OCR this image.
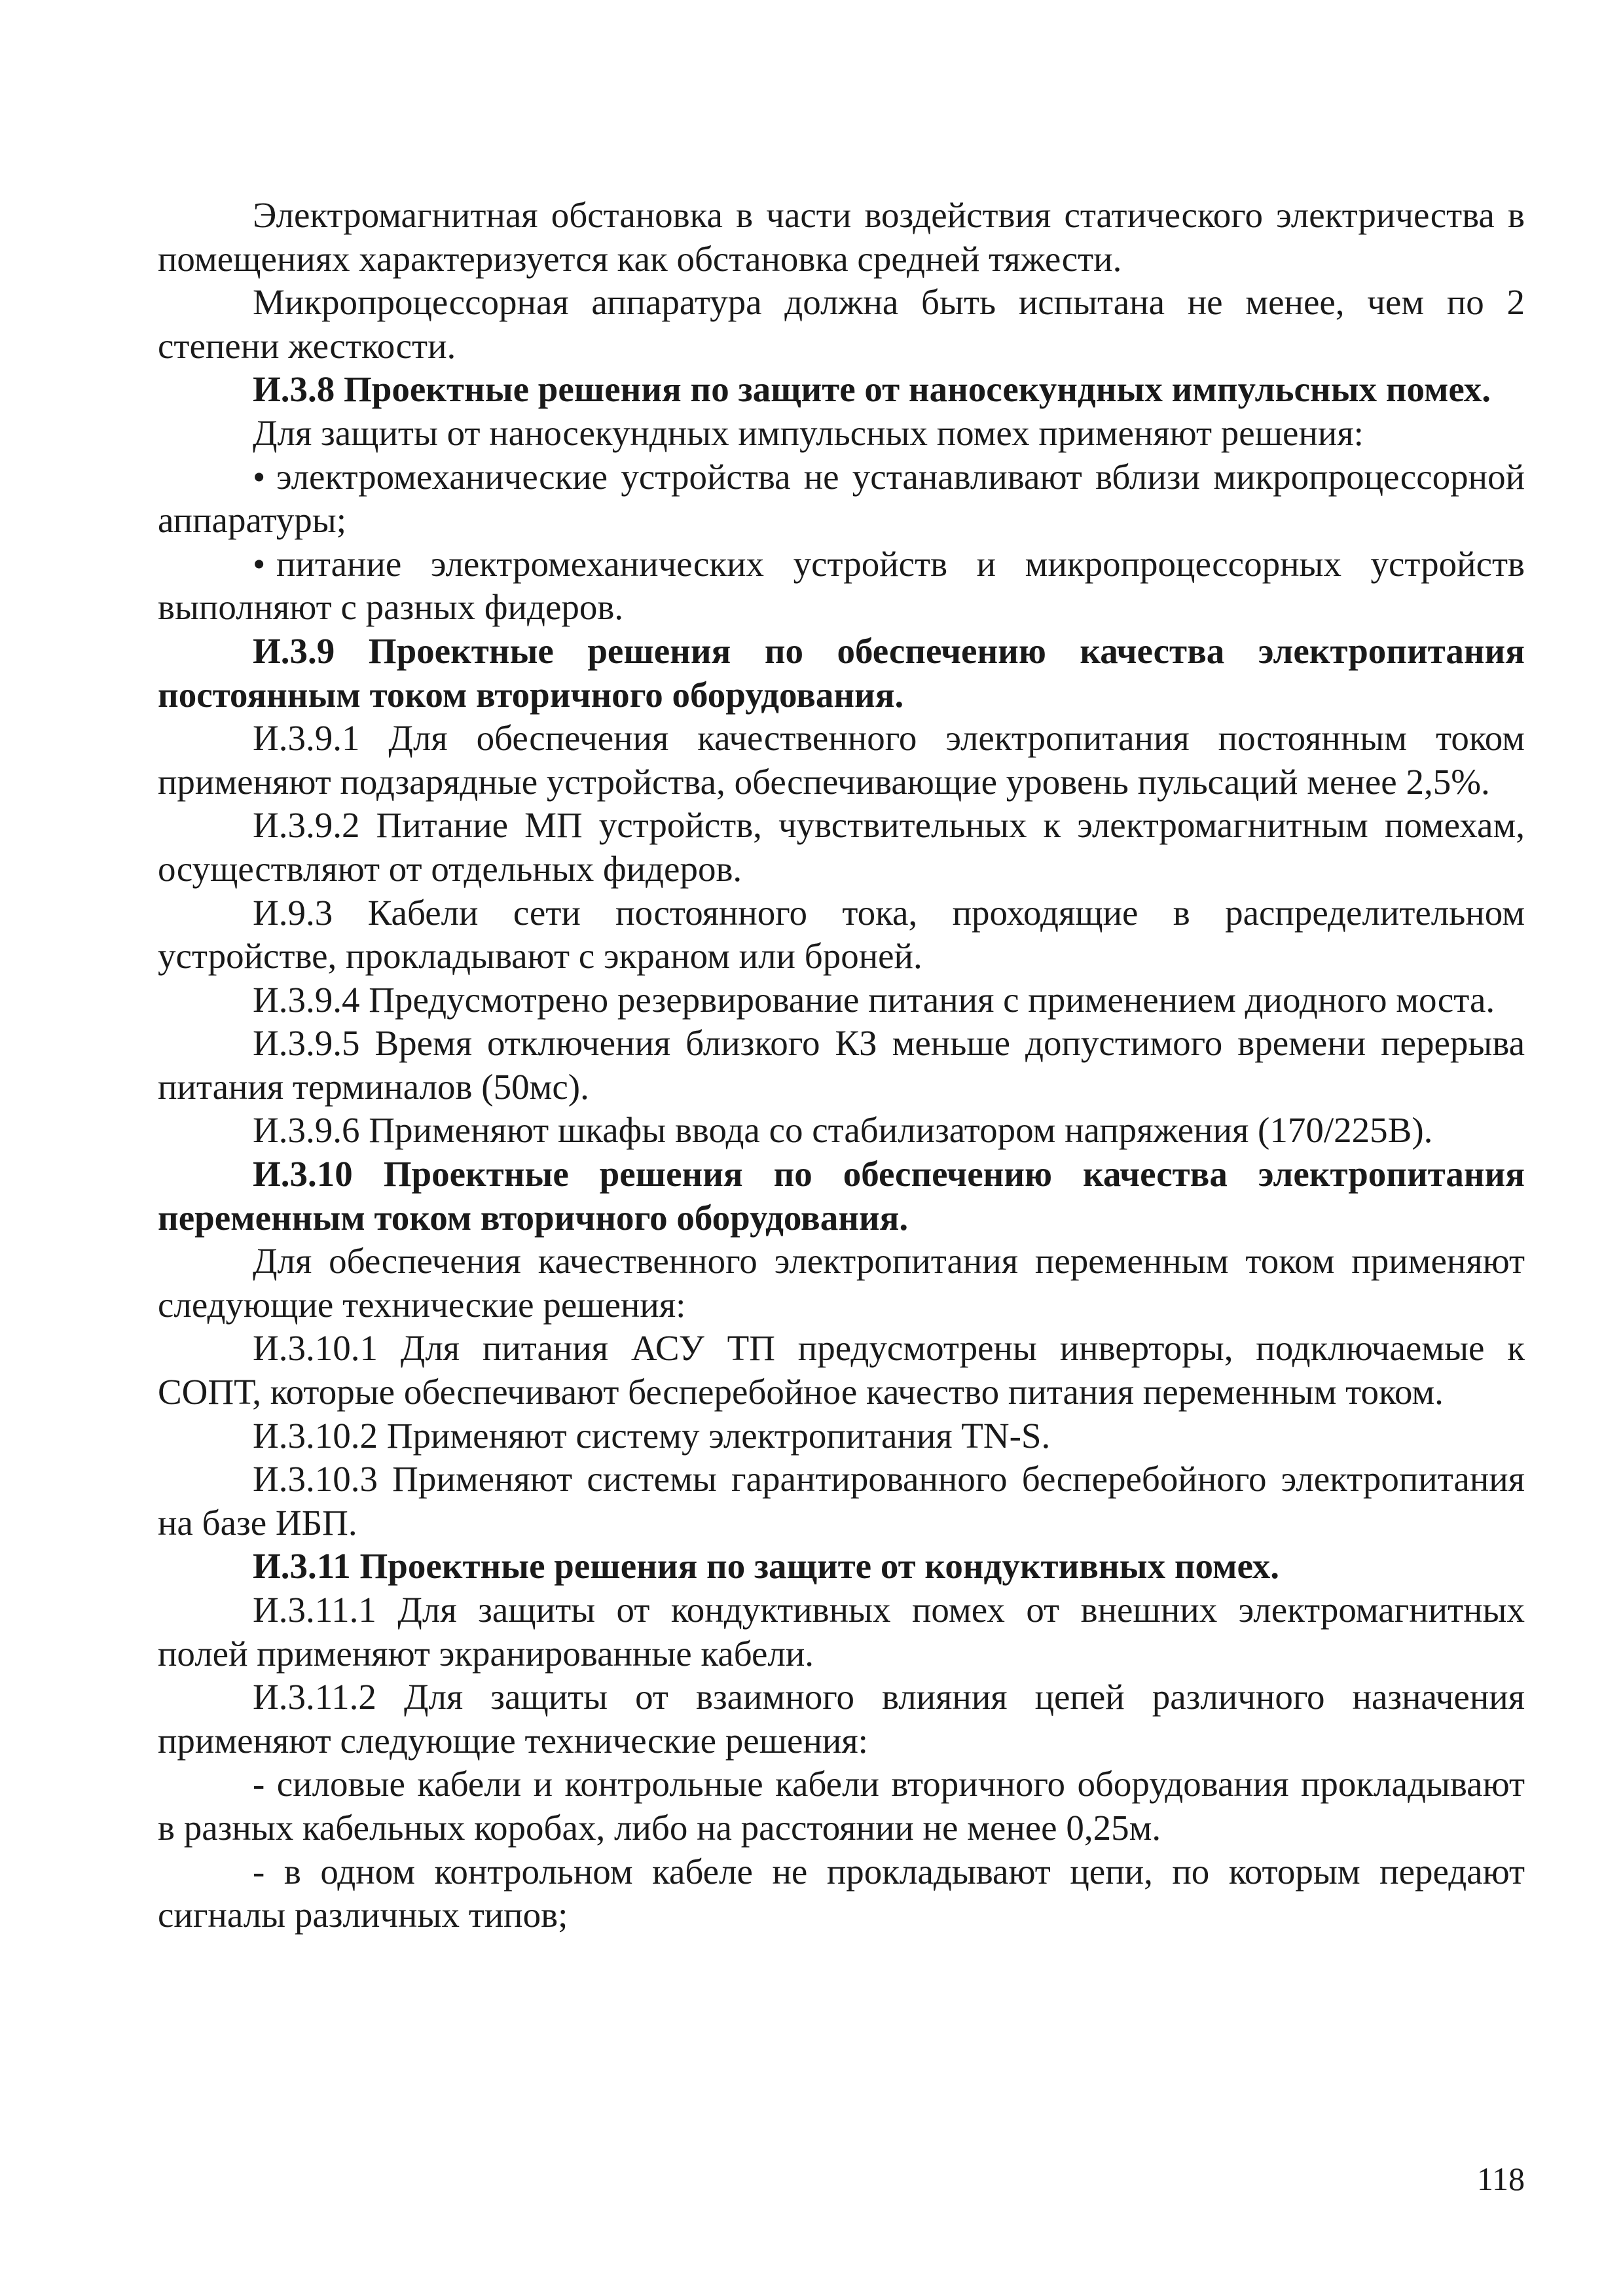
Электромагнитная обстановка в части воздействия статического электричества в помещениях характеризуется как обстановка средней тяжести.

Микропроцессорная аппаратура должна быть испытана не менее, чем по 2 степени жесткости.

И.3.8 Проектные решения по защите от наносекундных импульсных помех.

Для защиты от наносекундных импульсных помех применяют решения:

• электромеханические устройства не устанавливают вблизи микропроцессорной аппаратуры;

• питание электромеханических устройств и микропроцессорных устройств выполняют с разных фидеров.

И.3.9 Проектные решения по обеспечению качества электропитания постоянным током вторичного оборудования.

И.3.9.1 Для обеспечения качественного электропитания постоянным током применяют подзарядные устройства, обеспечивающие уровень пульсаций менее 2,5%.

И.3.9.2 Питание МП устройств, чувствительных к электромагнитным помехам, осуществляют от отдельных фидеров.

И.9.3 Кабели сети постоянного тока, проходящие в распределительном устройстве, прокладывают с экраном или броней.

И.3.9.4 Предусмотрено резервирование питания с применением диодного моста.

И.3.9.5 Время отключения близкого КЗ меньше допустимого времени перерыва питания терминалов (50мс).

И.3.9.6 Применяют шкафы ввода со стабилизатором напряжения (170/225В).

И.3.10 Проектные решения по обеспечению качества электропитания переменным током вторичного оборудования.

Для обеспечения качественного электропитания переменным током применяют следующие технические решения:

И.3.10.1 Для питания АСУ ТП предусмотрены инверторы, подключаемые к СОПТ, которые обеспечивают бесперебойное качество питания переменным током.

И.3.10.2 Применяют систему электропитания TN-S.

И.3.10.3 Применяют системы гарантированного бесперебойного электропитания на базе ИБП.

И.3.11 Проектные решения по защите от кондуктивных помех.

И.3.11.1 Для защиты от кондуктивных помех от внешних электромагнитных полей применяют экранированные кабели.

И.3.11.2 Для защиты от взаимного влияния цепей различного назначения применяют следующие технические решения:

- силовые кабели и контрольные кабели вторичного оборудования прокладывают в разных кабельных коробах, либо на расстоянии не менее 0,25м.

- в одном контрольном кабеле не прокладывают цепи, по которым передают сигналы различных типов;

118
